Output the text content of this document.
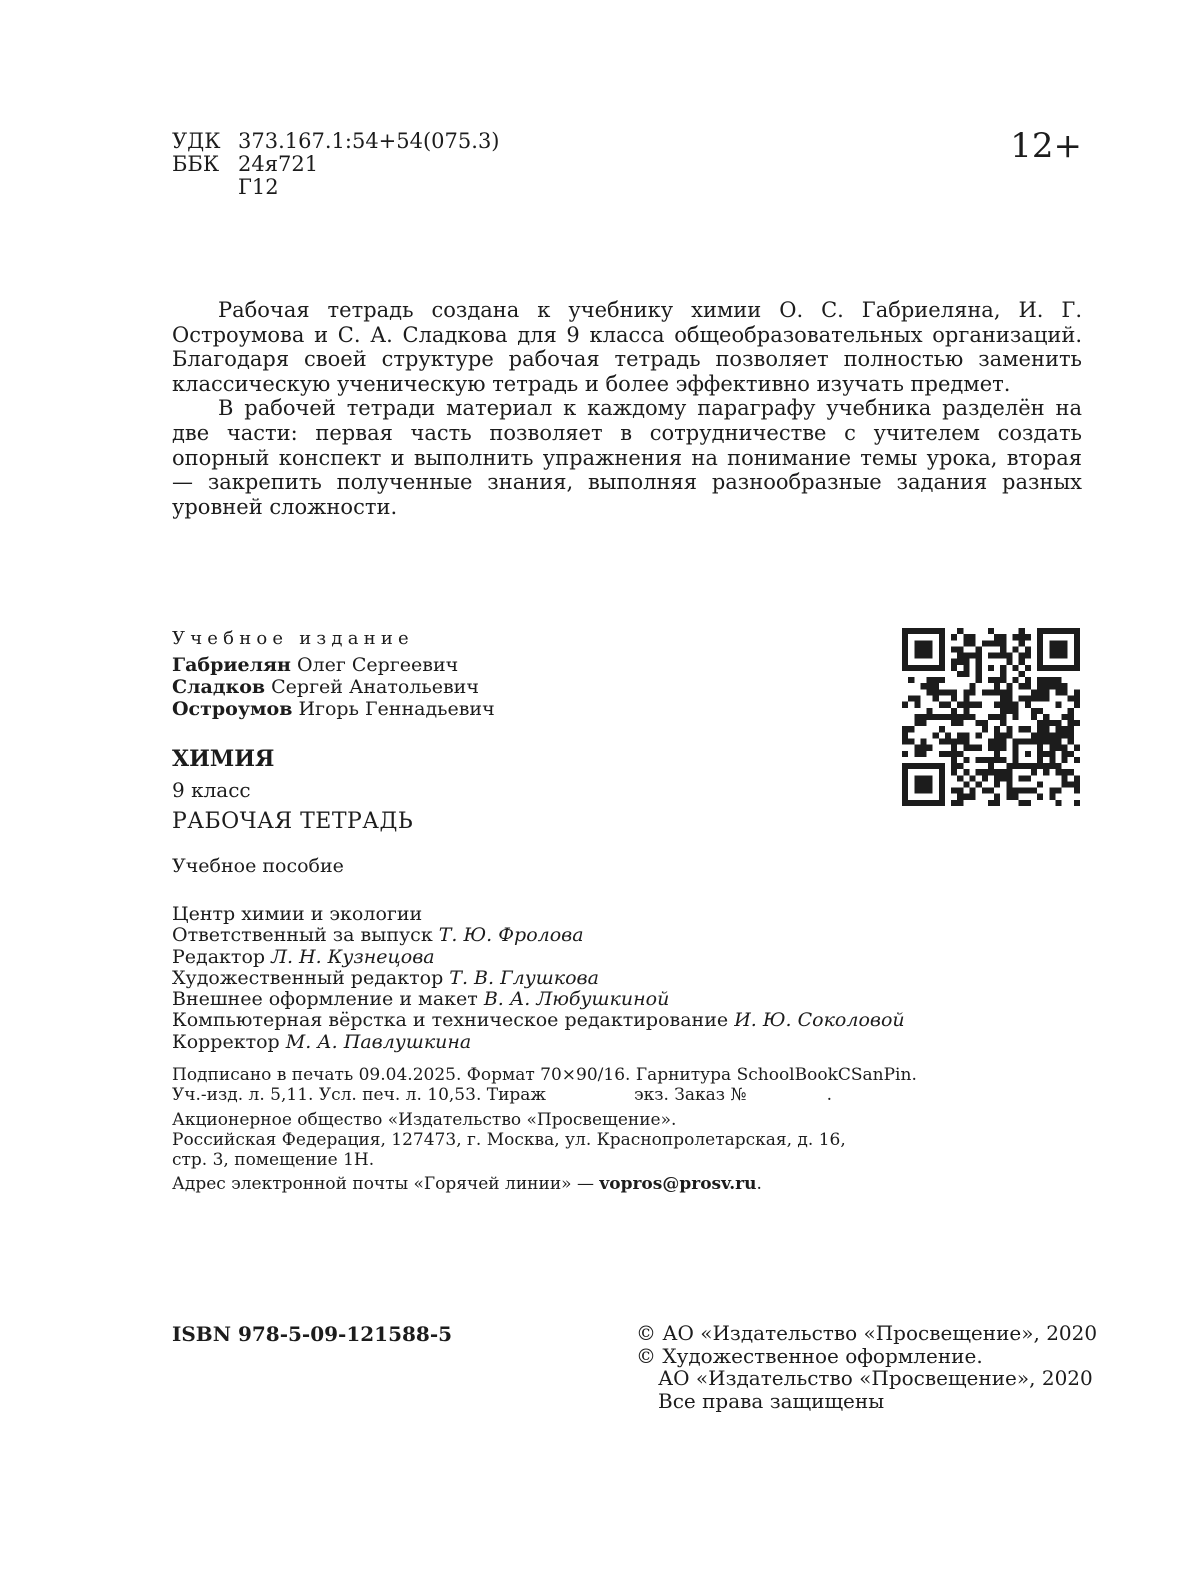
УДК 373.167.1:54+54(075.3)
ББК 24я721
Г12
12+

Рабочая тетрадь создана к учебнику химии О. С. Габриеляна, И. Г. Остроумова и С. А. Сладкова для 9 класса общеобразовательных организаций. Благодаря своей структуре рабочая тетрадь позволяет полностью заменить классическую ученическую тетрадь и более эффективно изучать предмет.

В рабочей тетради материал к каждому параграфу учебника разделён на две части: первая часть позволяет в сотрудничестве с учителем создать опорный конспект и выполнить упражнения на понимание темы урока, вторая — закрепить полученные знания, выполняя разнообразные задания разных уровней сложности.

Учебное издание
Габриелян Олег Сергеевич
Сладков Сергей Анатольевич
Остроумов Игорь Геннадьевич
ХИМИЯ
9 класс
РАБОЧАЯ ТЕТРАДЬ
Учебное пособие
Центр химии и экологии
Ответственный за выпуск Т. Ю. Фролова
Редактор Л. Н. Кузнецова
Художественный редактор Т. В. Глушкова
Внешнее оформление и макет В. А. Любушкиной
Компьютерная вёрстка и техническое редактирование И. Ю. Соколовой
Корректор М. А. Павлушкина
Подписано в печать 09.04.2025. Формат 70×90/16. Гарнитура SchoolBookCSanPin.
Уч.-изд. л. 5,11. Усл. печ. л. 10,53. Тираж	экз. Заказ №	.
Акционерное общество «Издательство «Просвещение».
Российская Федерация, 127473, г. Москва, ул. Краснопролетарская, д. 16,
стр. 3, помещение 1Н.
Адрес электронной почты «Горячей линии» — vopros@prosv.ru.
ISBN 978-5-09-121588-5	© АО «Издательство «Просвещение», 2020
© Художественное оформление.
АО «Издательство «Просвещение», 2020
Все права защищены
